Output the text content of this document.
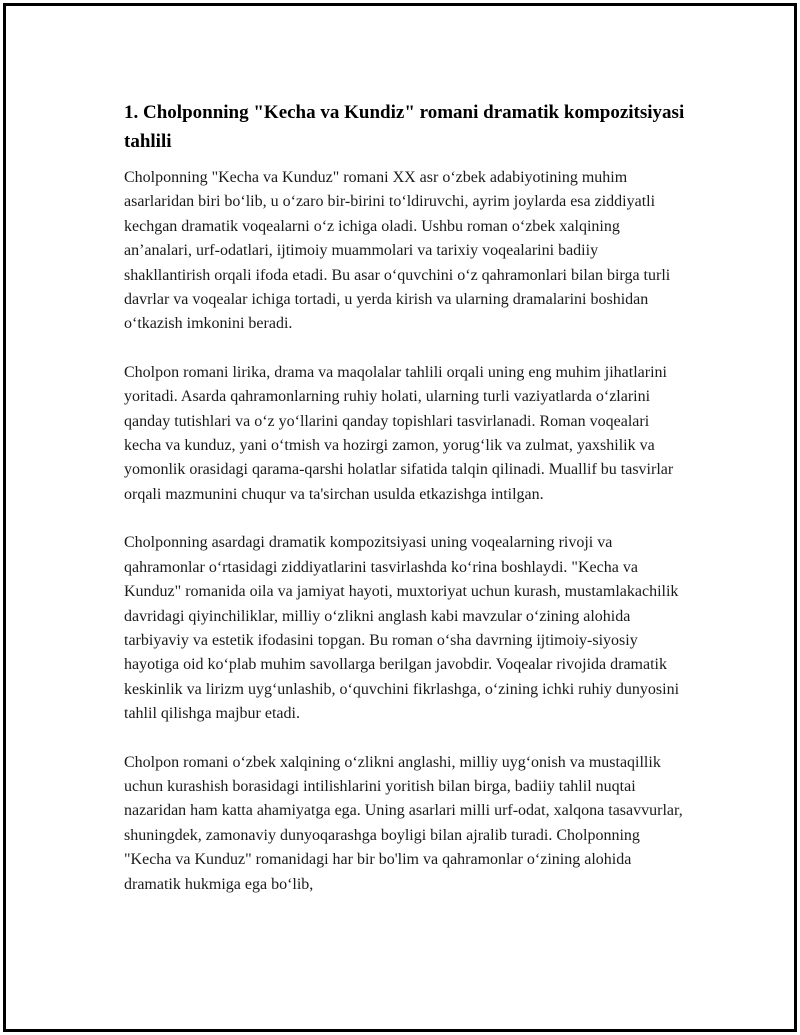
1. Cholponning "Kecha va Kundiz" romani dramatik kompozitsiyasi tahlili

Cholponning "Kecha va Kunduz" romani XX asr o‘zbek adabiyotining muhim asarlaridan biri bo‘lib, u o‘zaro bir-birini to‘ldiruvchi, ayrim joylarda esa ziddiyatli kechgan dramatik voqealarni o‘z ichiga oladi. Ushbu roman o‘zbek xalqining an’analari, urf-odatlari, ijtimoiy muammolari va tarixiy voqealarini badiiy shakllantirish orqali ifoda etadi. Bu asar o‘quvchini o‘z qahramonlari bilan birga turli davrlar va voqealar ichiga tortadi, u yerda kirish va ularning dramalarini boshidan o‘tkazish imkonini beradi.

Cholpon romani lirika, drama va maqolalar tahlili orqali uning eng muhim jihatlarini yoritadi. Asarda qahramonlarning ruhiy holati, ularning turli vaziyatlarda o‘zlarini qanday tutishlari va o‘z yo‘llarini qanday topishlari tasvirlanadi. Roman voqealari kecha va kunduz, yani o‘tmish va hozirgi zamon, yorug‘lik va zulmat, yaxshilik va yomonlik orasidagi qarama-qarshi holatlar sifatida talqin qilinadi. Muallif bu tasvirlar orqali mazmunini chuqur va ta'sirchan usulda etkazishga intilgan.

Cholponning asardagi dramatik kompozitsiyasi uning voqealarning rivoji va qahramonlar o‘rtasidagi ziddiyatlarini tasvirlashda ko‘rina boshlaydi. "Kecha va Kunduz" romanida oila va jamiyat hayoti, muxtoriyat uchun kurash, mustamlakachilik davridagi qiyinchiliklar, milliy o‘zlikni anglash kabi mavzular o‘zining alohida tarbiyaviy va estetik ifodasini topgan. Bu roman o‘sha davrning ijtimoiy-siyosiy hayotiga oid ko‘plab muhim savollarga berilgan javobdir. Voqealar rivojida dramatik keskinlik va lirizm uyg‘unlashib, o‘quvchini fikrlashga, o‘zining ichki ruhiy dunyosini tahlil qilishga majbur etadi.

Cholpon romani o‘zbek xalqining o‘zlikni anglashi, milliy uyg‘onish va mustaqillik uchun kurashish borasidagi intilishlarini yoritish bilan birga, badiiy tahlil nuqtai nazaridan ham katta ahamiyatga ega. Uning asarlari milli urf-odat, xalqona tasavvurlar, shuningdek, zamonaviy dunyoqarashga boyligi bilan ajralib turadi. Cholponning "Kecha va Kunduz" romanidagi har bir bo'lim va qahramonlar o‘zining alohida dramatik hukmiga ega bo‘lib,
